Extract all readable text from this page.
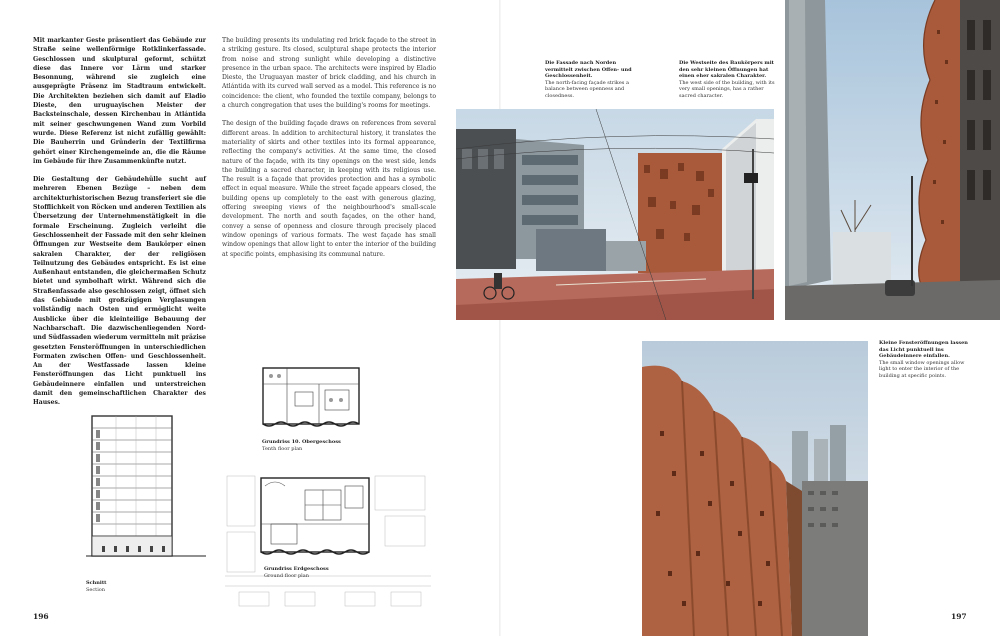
Mit markanter Geste präsentiert das Gebäude zur Straße seine wellenförmige Rotklinkerfassade. Geschlossen und skulptural geformt, schützt diese das Innere vor Lärm und starker Besonnung, während sie zugleich eine ausgeprägte Präsenz im Stadtraum entwickelt. Die Architekten beziehen sich damit auf Eladio Dieste, den uruguayischen Meister der Backsteinschale, dessen Kirchenbau in Atlántida mit seiner geschwungenen Wand zum Vorbild wurde. Diese Referenz ist nicht zufällig gewählt: Die Bauherrin und Gründerin der Textilfirma gehört einer Kirchengemeinde an, die die Räume im Gebäude für ihre Zusammenkünfte nutzt.

Die Gestaltung der Gebäudehülle sucht auf mehreren Ebenen Bezüge – neben dem architekturhistorischen Bezug transferiert sie die Stofflichkeit von Röcken und anderen Textilien als Übersetzung der Unternehmenstätigkeit in die formale Erscheinung. Zugleich verleiht die Geschlossenheit der Fassade mit den sehr kleinen Öffnungen zur Westseite dem Baukörper einen sakralen Charakter, der der religiösen Teilnutzung des Gebäudes entspricht. Es ist eine Außenhaut entstanden, die gleichermaßen Schutz bietet und symbolhaft wirkt. Während sich die Straßenfassade also geschlossen zeigt, öffnet sich das Gebäude mit großzügigen Verglasungen vollständig nach Osten und ermöglicht weite Ausblicke über die kleinteilige Bebauung der Nachbarschaft. Die dazwischenliegenden Nord- und Südfassaden wiederum vermitteln mit präzise gesetzten Fensteröffnungen in unterschiedlichen Formaten zwischen Offen- und Geschlossenheit. An der Westfassade lassen kleine Fensteröffnungen das Licht punktuell ins Gebäudeinnere einfallen und unterstreichen damit den gemeinschaftlichen Charakter des Hauses.

The building presents its undulating red brick façade to the street in a striking gesture. Its closed, sculptural shape protects the interior from noise and strong sunlight while developing a distinctive presence in the urban space. The architects were inspired by Eladio Dieste, the Uruguayan master of brick cladding, and his church in Atlántida with its curved wall served as a model. This reference is no coincidence: the client, who founded the textile company, belongs to a church congregation that uses the building's rooms for meetings.

The design of the building façade draws on references from several different areas. In addition to architectural history, it translates the materiality of skirts and other textiles into its formal appearance, reflecting the company's activities. At the same time, the closed nature of the façade, with its tiny openings on the west side, lends the building a sacred character, in keeping with its religious use. The result is a façade that provides protection and has a symbolic effect in equal measure. While the street façade appears closed, the building opens up completely to the east with generous glazing, offering sweeping views of the neighbourhood's small-scale development. The north and south façades, on the other hand, convey a sense of openness and closure through precisely placed window openings of various formats. The west façade has small window openings that allow light to enter the interior of the building at specific points, emphasising its communal nature.

Schnitt
Section
Grundriss 10. Obergeschoss
Tenth floor plan
Grundriss Erdgeschoss
Ground floor plan
196
Die Fassade nach Norden vermittelt zwischen Offen- und Geschlossenheit.
The north-facing façade strikes a balance between openness and closedness.
Die Westseite des Baukörpers mit den sehr kleinen Öffnungen hat einen eher sakralen Charakter.
The west side of the building, with its very small openings, has a rather sacred character.
Kleine Fensteröffnungen lassen das Licht punktuell ins Gebäudeinnere einfallen.
The small window openings allow light to enter the interior of the building at specific points.
197
